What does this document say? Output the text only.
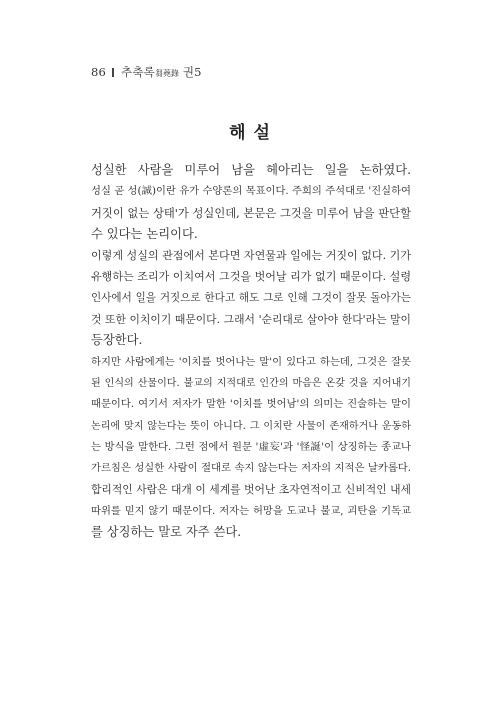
86 추축록芻蕘錄 권5
해 설
성실한 사람을 미루어 남을 헤아리는 일을 논하였다.
성실 곧 성(誠)이란 유가 수양론의 목표이다. 주희의 주석대로 '진실하여
거짓이 없는 상태'가 성실인데, 본문은 그것을 미루어 남을 판단할
수 있다는 논리이다.
이렇게 성실의 관점에서 본다면 자연물과 일에는 거짓이 없다. 기가
유행하는 조리가 이치여서 그것을 벗어날 리가 없기 때문이다. 설령
인사에서 일을 거짓으로 한다고 해도 그로 인해 그것이 잘못 돌아가는
것 또한 이치이기 때문이다. 그래서 '순리대로 살아야 한다'라는 말이
등장한다.
하지만 사람에게는 '이치를 벗어나는 말'이 있다고 하는데, 그것은 잘못
된 인식의 산물이다. 불교의 지적대로 인간의 마음은 온갖 것을 지어내기
때문이다. 여기서 저자가 말한 '이치를 벗어남'의 의미는 진술하는 말이
논리에 맞지 않는다는 뜻이 아니다. 그 이치란 사물이 존재하거나 운동하
는 방식을 말한다. 그런 점에서 원문 '虛妄'과 '怪誕'이 상징하는 종교나
가르침은 성실한 사람이 절대로 속지 않는다는 저자의 지적은 날카롭다.
합리적인 사람은 대개 이 세계를 벗어난 초자연적이고 신비적인 내세
따위를 믿지 않기 때문이다. 저자는 허망을 도교나 불교, 괴탄을 기독교
를 상징하는 말로 자주 쓴다.
